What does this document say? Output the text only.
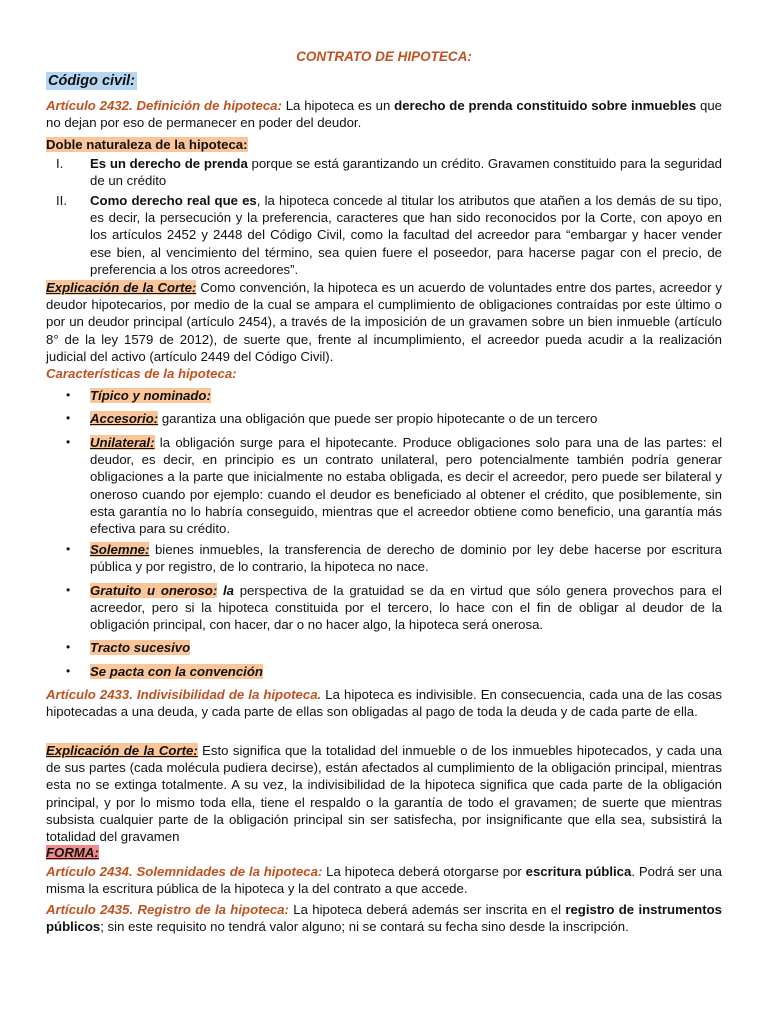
CONTRATO DE HIPOTECA:
Código civil:
Artículo 2432. Definición de hipoteca: La hipoteca es un derecho de prenda constituido sobre inmuebles que no dejan por eso de permanecer en poder del deudor.
Doble naturaleza de la hipoteca:
I.	Es un derecho de prenda porque se está garantizando un crédito. Gravamen constituido para la seguridad de un crédito
II.	Como derecho real que es, la hipoteca concede al titular los atributos que atañen a los demás de su tipo, es decir, la persecución y la preferencia, caracteres que han sido reconocidos por la Corte, con apoyo en los artículos 2452 y 2448 del Código Civil, como la facultad del acreedor para “embargar y hacer vender ese bien, al vencimiento del término, sea quien fuere el poseedor, para hacerse pagar con el precio, de preferencia a los otros acreedores”.
Explicación de la Corte: Como convención, la hipoteca es un acuerdo de voluntades entre dos partes, acreedor y deudor hipotecarios, por medio de la cual se ampara el cumplimiento de obligaciones contraídas por este último o por un deudor principal (artículo 2454), a través de la imposición de un gravamen sobre un bien inmueble (artículo 8° de la ley 1579 de 2012), de suerte que, frente al incumplimiento, el acreedor pueda acudir a la realización judicial del activo (artículo 2449 del Código Civil).
Características de la hipoteca:
• Típico y nominado:
• Accesorio: garantiza una obligación que puede ser propio hipotecante o de un tercero
• Unilateral: la obligación surge para el hipotecante. Produce obligaciones solo para una de las partes: el deudor, es decir, en principio es un contrato unilateral, pero potencialmente también podría generar obligaciones a la parte que inicialmente no estaba obligada, es decir el acreedor, pero puede ser bilateral y oneroso cuando por ejemplo: cuando el deudor es beneficiado al obtener el crédito, que posiblemente, sin esta garantía no lo habría conseguido, mientras que el acreedor obtiene como beneficio, una garantía más efectiva para su crédito.
• Solemne: bienes inmuebles, la transferencia de derecho de dominio por ley debe hacerse por escritura pública y por registro, de lo contrario, la hipoteca no nace.
• Gratuito u oneroso: la perspectiva de la gratuidad se da en virtud que sólo genera provechos para el acreedor, pero si la hipoteca constituida por el tercero, lo hace con el fin de obligar al deudor de la obligación principal, con hacer, dar o no hacer algo, la hipoteca será onerosa.
• Tracto sucesivo
• Se pacta con la convención
Artículo 2433. Indivisibilidad de la hipoteca. La hipoteca es indivisible. En consecuencia, cada una de las cosas hipotecadas a una deuda, y cada parte de ellas son obligadas al pago de toda la deuda y de cada parte de ella.
Explicación de la Corte: Esto significa que la totalidad del inmueble o de los inmuebles hipotecados, y cada una de sus partes (cada molécula pudiera decirse), están afectados al cumplimiento de la obligación principal, mientras esta no se extinga totalmente. A su vez, la indivisibilidad de la hipoteca significa que cada parte de la obligación principal, y por lo mismo toda ella, tiene el respaldo o la garantía de todo el gravamen; de suerte que mientras subsista cualquier parte de la obligación principal sin ser satisfecha, por insignificante que ella sea, subsistirá la totalidad del gravamen
FORMA:
Artículo 2434. Solemnidades de la hipoteca: La hipoteca deberá otorgarse por escritura pública. Podrá ser una misma la escritura pública de la hipoteca y la del contrato a que accede.
Artículo 2435. Registro de la hipoteca: La hipoteca deberá además ser inscrita en el registro de instrumentos públicos; sin este requisito no tendrá valor alguno; ni se contará su fecha sino desde la inscripción.
